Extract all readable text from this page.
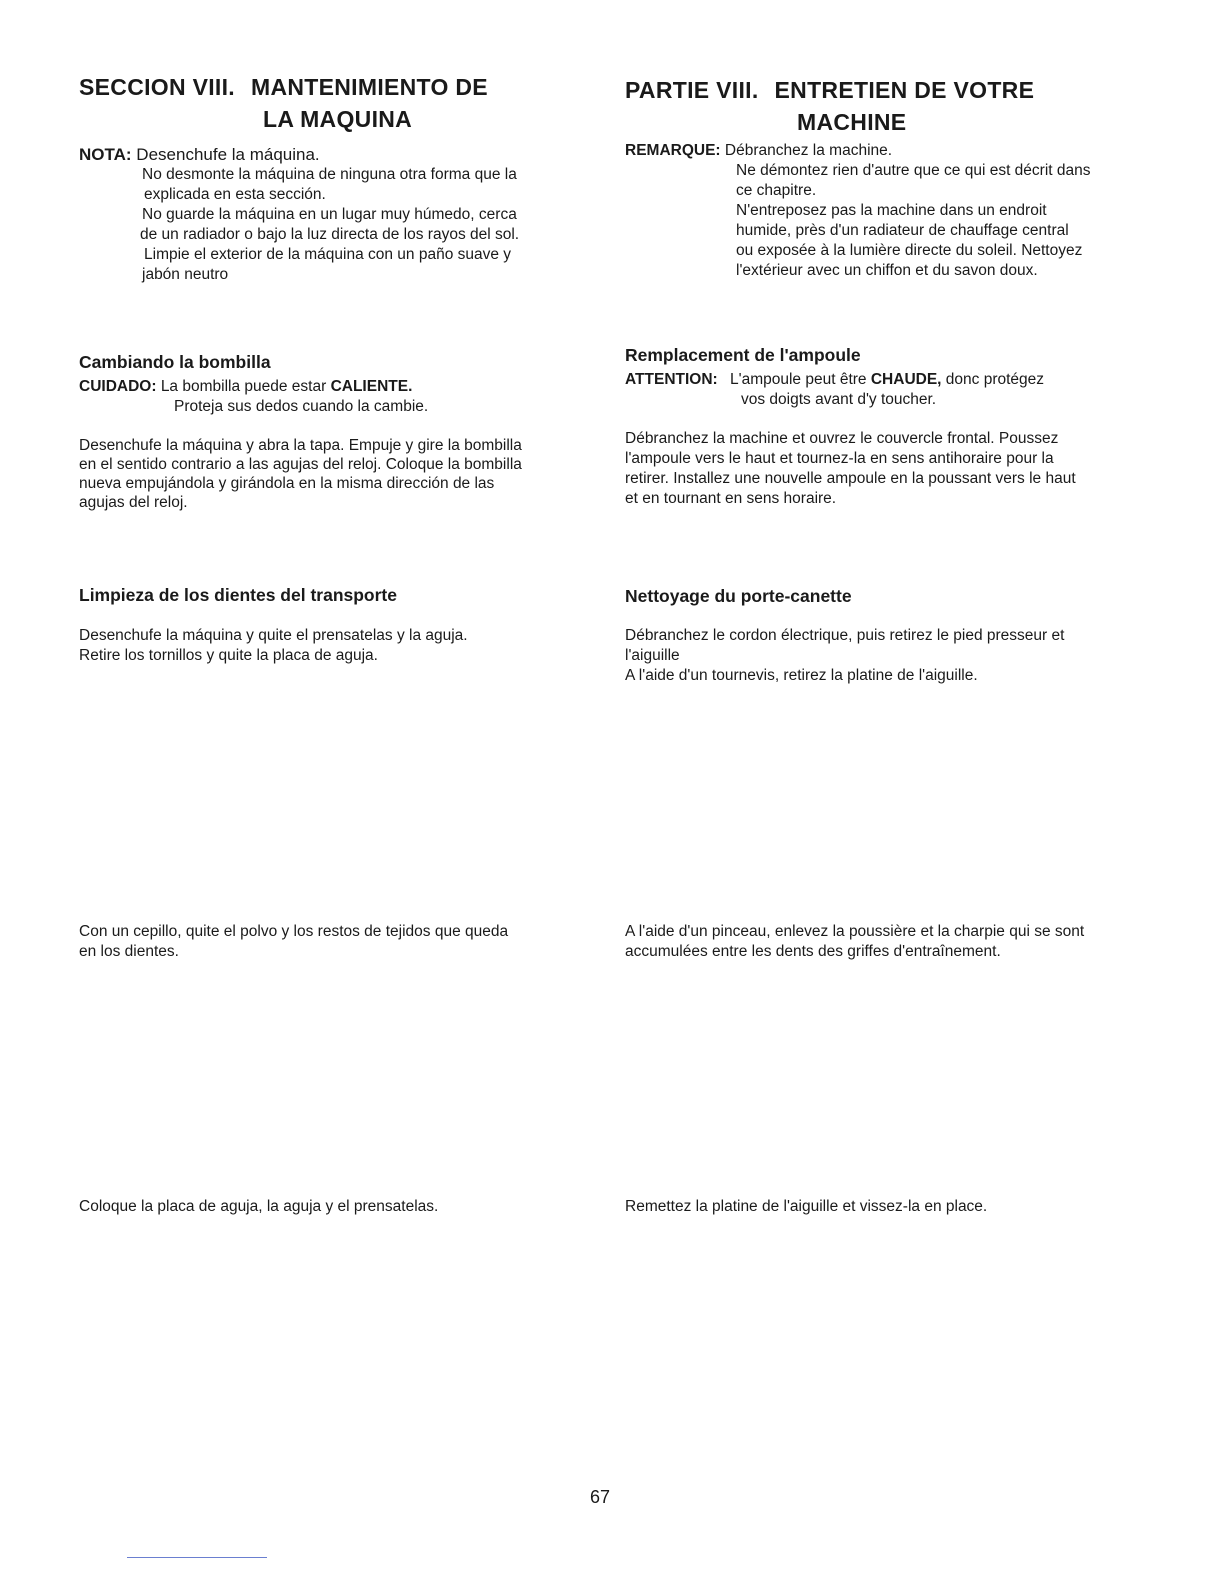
SECCION VIII. MANTENIMIENTO DE
LA MAQUINA
NOTA: Desenchufe la máquina.
No desmonte la máquina de ninguna otra forma que la
explicada en esta sección.
No guarde la máquina en un lugar muy húmedo, cerca
de un radiador o bajo la luz directa de los rayos del sol.
Limpie el exterior de la máquina con un paño suave y
jabón neutro
Cambiando la bombilla
CUIDADO: La bombilla puede estar CALIENTE.
Proteja sus dedos cuando la cambie.
Desenchufe la máquina y abra la tapa. Empuje y gire la bombilla
en el sentido contrario a las agujas del reloj. Coloque la bombilla
nueva empujándola y girándola en la misma dirección de las
agujas del reloj.
Limpieza de los dientes del transporte
Desenchufe la máquina y quite el prensatelas y la aguja.
Retire los tornillos y quite la placa de aguja.
Con un cepillo, quite el polvo y los restos de tejidos que queda
en los dientes.
Coloque la placa de aguja, la aguja y el prensatelas.
PARTIE VIII. ENTRETIEN DE VOTRE
MACHINE
REMARQUE: Débranchez la machine.
Ne démontez rien d'autre que ce qui est décrit dans
ce chapitre.
N'entreposez pas la machine dans un endroit
humide, près d'un radiateur de chauffage central
ou exposée à la lumière directe du soleil. Nettoyez
l'extérieur avec un chiffon et du savon doux.
Remplacement de l'ampoule
ATTENTION: L'ampoule peut être CHAUDE, donc protégez
vos doigts avant d'y toucher.
Débranchez la machine et ouvrez le couvercle frontal. Poussez
l'ampoule vers le haut et tournez-la en sens antihoraire pour la
retirer. Installez une nouvelle ampoule en la poussant vers le haut
et en tournant en sens horaire.
Nettoyage du porte-canette
Débranchez le cordon électrique, puis retirez le pied presseur et
l'aiguille
A l'aide d'un tournevis, retirez la platine de l'aiguille.
A l'aide d'un pinceau, enlevez la poussière et la charpie qui se sont
accumulées entre les dents des griffes d'entraînement.
Remettez la platine de l'aiguille et vissez-la en place.
67
